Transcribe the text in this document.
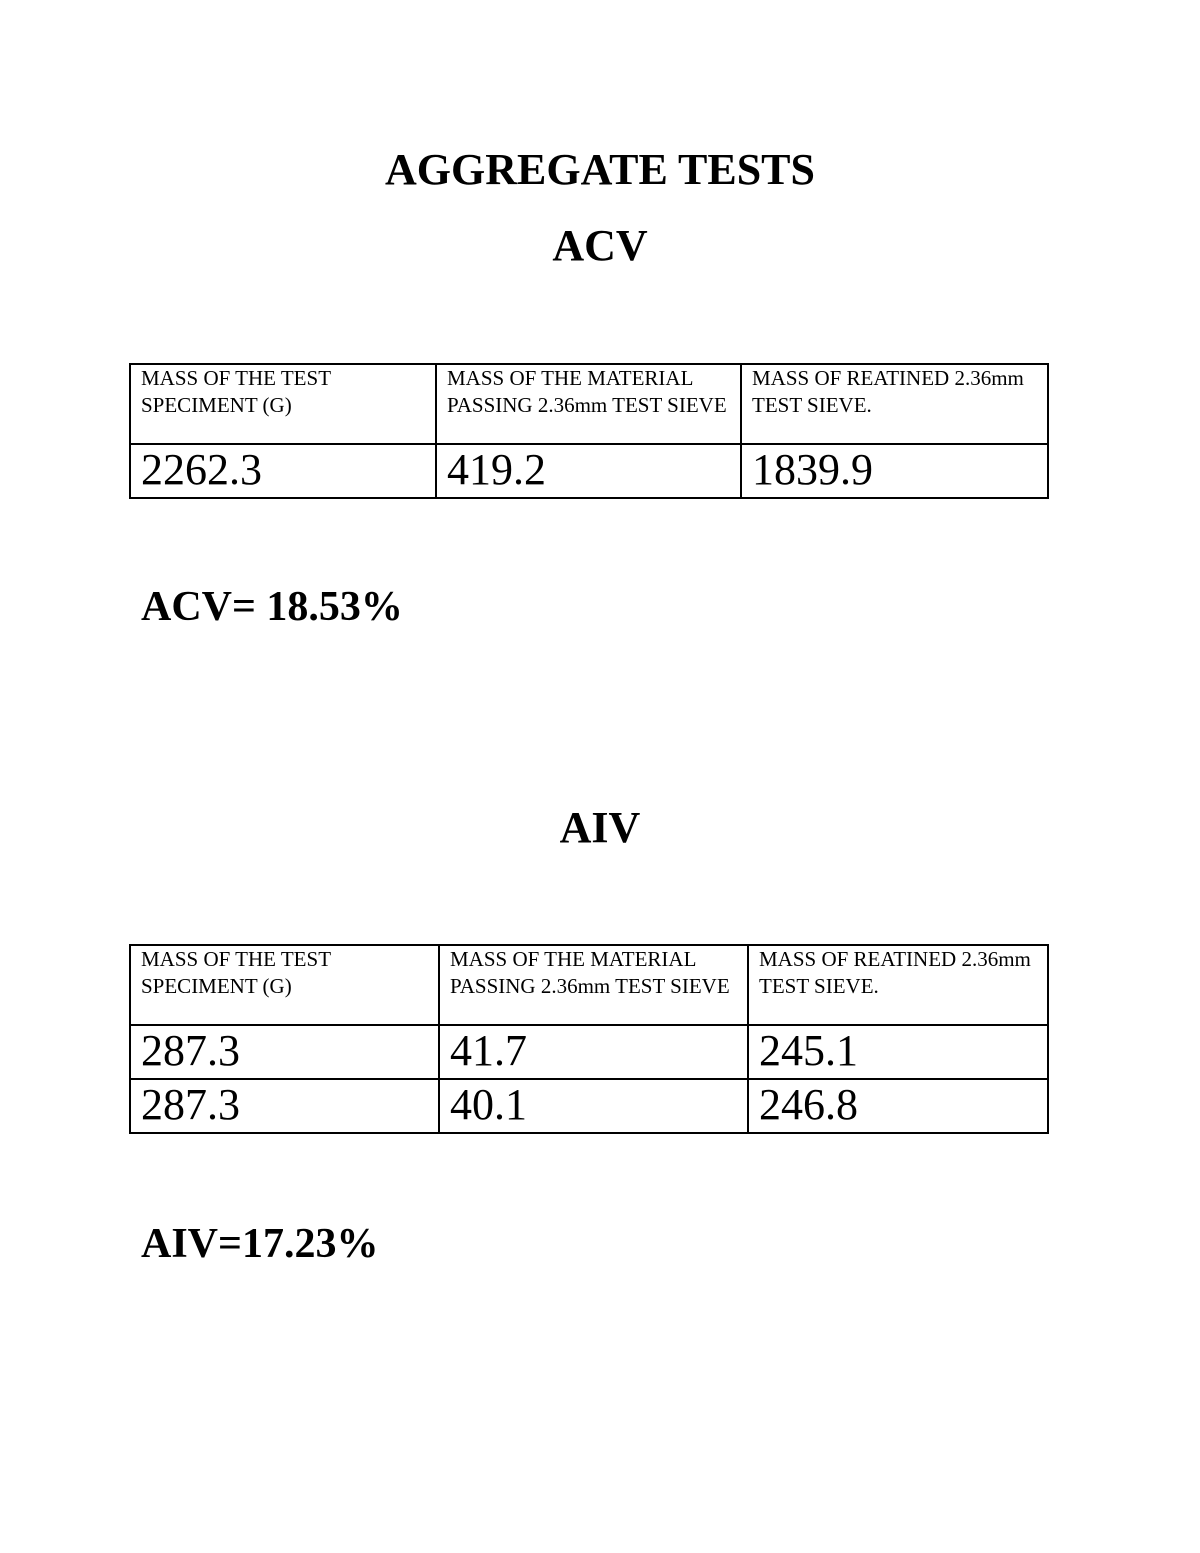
AGGREGATE TESTS
ACV
MASS OF THE TEST SPECIMENT (G)	MASS OF THE MATERIAL PASSING 2.36mm TEST SIEVE	MASS OF REATINED 2.36mm TEST SIEVE.
2262.3	419.2	1839.9

ACV= 18.53%

AIV
MASS OF THE TEST SPECIMENT (G)	MASS OF THE MATERIAL PASSING 2.36mm TEST SIEVE	MASS OF REATINED 2.36mm TEST SIEVE.
287.3	41.7	245.1
287.3	40.1	246.8

AIV=17.23%
